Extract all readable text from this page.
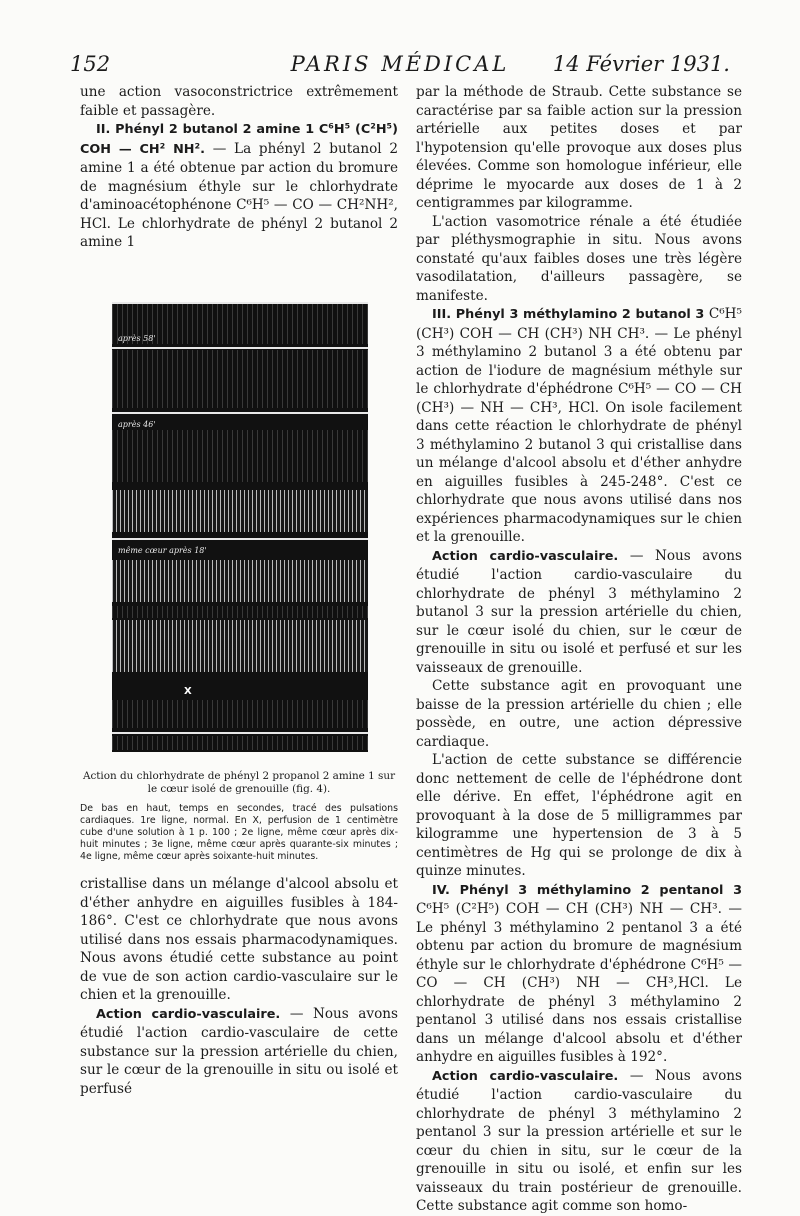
152	PARIS MÉDICAL	14 Février 1931.

une action vasoconstrictrice extrêmement faible et passagère.

II. Phényl 2 butanol 2 amine 1 C⁶H⁵ (C²H⁵) COH — CH² NH². — La phényl 2 butanol 2 amine 1 a été obtenue par action du bromure de magnésium éthyle sur le chlorhydrate d'aminoacétophénone C⁶H⁵ — CO — CH²NH², HCl. Le chlorhydrate de phényl 2 butanol 2 amine 1

après 58'
après 46'
même cœur après 18'
X
Action du chlorhydrate de phényl 2 propanol 2 amine 1 sur le cœur isolé de grenouille (fig. 4).
De bas en haut, temps en secondes, tracé des pulsations cardiaques. 1re ligne, normal. En X, perfusion de 1 centimètre cube d'une solution à 1 p. 100 ; 2e ligne, même cœur après dix-huit minutes ; 3e ligne, même cœur après quarante-six minutes ; 4e ligne, même cœur après soixante-huit minutes.

cristallise dans un mélange d'alcool absolu et d'éther anhydre en aiguilles fusibles à 184-186°. C'est ce chlorhydrate que nous avons utilisé dans nos essais pharmacodynamiques. Nous avons étudié cette substance au point de vue de son action cardio-vasculaire sur le chien et la grenouille.

Action cardio-vasculaire. — Nous avons étudié l'action cardio-vasculaire de cette substance sur la pression artérielle du chien, sur le cœur de la grenouille in situ ou isolé et perfusé

par la méthode de Straub. Cette substance se caractérise par sa faible action sur la pression artérielle aux petites doses et par l'hypotension qu'elle provoque aux doses plus élevées. Comme son homologue inférieur, elle déprime le myocarde aux doses de 1 à 2 centigrammes par kilogramme.

L'action vasomotrice rénale a été étudiée par pléthysmographie in situ. Nous avons constaté qu'aux faibles doses une très légère vasodilatation, d'ailleurs passagère, se manifeste.

III. Phényl 3 méthylamino 2 butanol 3 C⁶H⁵ (CH³) COH — CH (CH³) NH CH³. — Le phényl 3 méthylamino 2 butanol 3 a été obtenu par action de l'iodure de magnésium méthyle sur le chlorhydrate d'éphédrone C⁶H⁵ — CO — CH (CH³) — NH — CH³, HCl. On isole facilement dans cette réaction le chlorhydrate de phényl 3 méthylamino 2 butanol 3 qui cristallise dans un mélange d'alcool absolu et d'éther anhydre en aiguilles fusibles à 245-248°. C'est ce chlorhydrate que nous avons utilisé dans nos expériences pharmacodynamiques sur le chien et la grenouille.

Action cardio-vasculaire. — Nous avons étudié l'action cardio-vasculaire du chlorhydrate de phényl 3 méthylamino 2 butanol 3 sur la pression artérielle du chien, sur le cœur isolé du chien, sur le cœur de grenouille in situ ou isolé et perfusé et sur les vaisseaux de grenouille.

Cette substance agit en provoquant une baisse de la pression artérielle du chien ; elle possède, en outre, une action dépressive cardiaque.

L'action de cette substance se différencie donc nettement de celle de l'éphédrone dont elle dérive. En effet, l'éphédrone agit en provoquant à la dose de 5 milligrammes par kilogramme une hypertension de 3 à 5 centimètres de Hg qui se prolonge de dix à quinze minutes.

IV. Phényl 3 méthylamino 2 pentanol 3 C⁶H⁵ (C²H⁵) COH — CH (CH³) NH — CH³. — Le phényl 3 méthylamino 2 pentanol 3 a été obtenu par action du bromure de magnésium éthyle sur le chlorhydrate d'éphédrone C⁶H⁵ — CO — CH (CH³) NH — CH³,HCl. Le chlorhydrate de phényl 3 méthylamino 2 pentanol 3 utilisé dans nos essais cristallise dans un mélange d'alcool absolu et d'éther anhydre en aiguilles fusibles à 192°.

Action cardio-vasculaire. — Nous avons étudié l'action cardio-vasculaire du chlorhydrate de phényl 3 méthylamino 2 pentanol 3 sur la pression artérielle et sur le cœur du chien in situ, sur le cœur de la grenouille in situ ou isolé, et enfin sur les vaisseaux du train postérieur de grenouille. Cette substance agit comme son homo-
